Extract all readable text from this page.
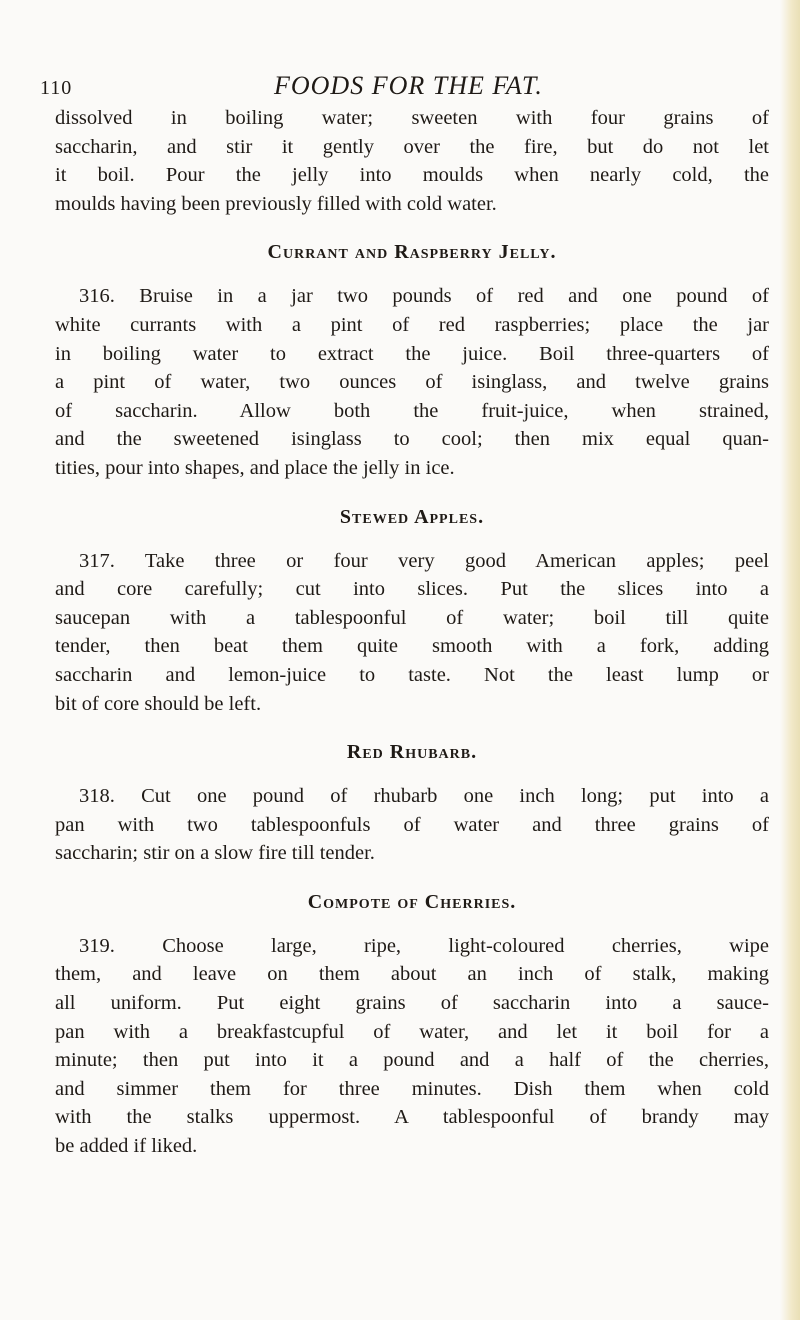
110	FOODS FOR THE FAT.

dissolved in boiling water; sweeten with four grains of
saccharin, and stir it gently over the fire, but do not let
it boil. Pour the jelly into moulds when nearly cold, the
moulds having been previously filled with cold water.

Currant and Raspberry Jelly.

316. Bruise in a jar two pounds of red and one pound of
white currants with a pint of red raspberries; place the jar
in boiling water to extract the juice. Boil three-quarters of
a pint of water, two ounces of isinglass, and twelve grains
of saccharin. Allow both the fruit-juice, when strained,
and the sweetened isinglass to cool; then mix equal quan-
tities, pour into shapes, and place the jelly in ice.

Stewed Apples.

317. Take three or four very good American apples; peel
and core carefully; cut into slices. Put the slices into a
saucepan with a tablespoonful of water; boil till quite
tender, then beat them quite smooth with a fork, adding
saccharin and lemon-juice to taste. Not the least lump or
bit of core should be left.

Red Rhubarb.

318. Cut one pound of rhubarb one inch long; put into a
pan with two tablespoonfuls of water and three grains of
saccharin; stir on a slow fire till tender.

Compote of Cherries.

319. Choose large, ripe, light-coloured cherries, wipe
them, and leave on them about an inch of stalk, making
all uniform. Put eight grains of saccharin into a sauce-
pan with a breakfastcupful of water, and let it boil for a
minute; then put into it a pound and a half of the cherries,
and simmer them for three minutes. Dish them when cold
with the stalks uppermost. A tablespoonful of brandy may
be added if liked.
